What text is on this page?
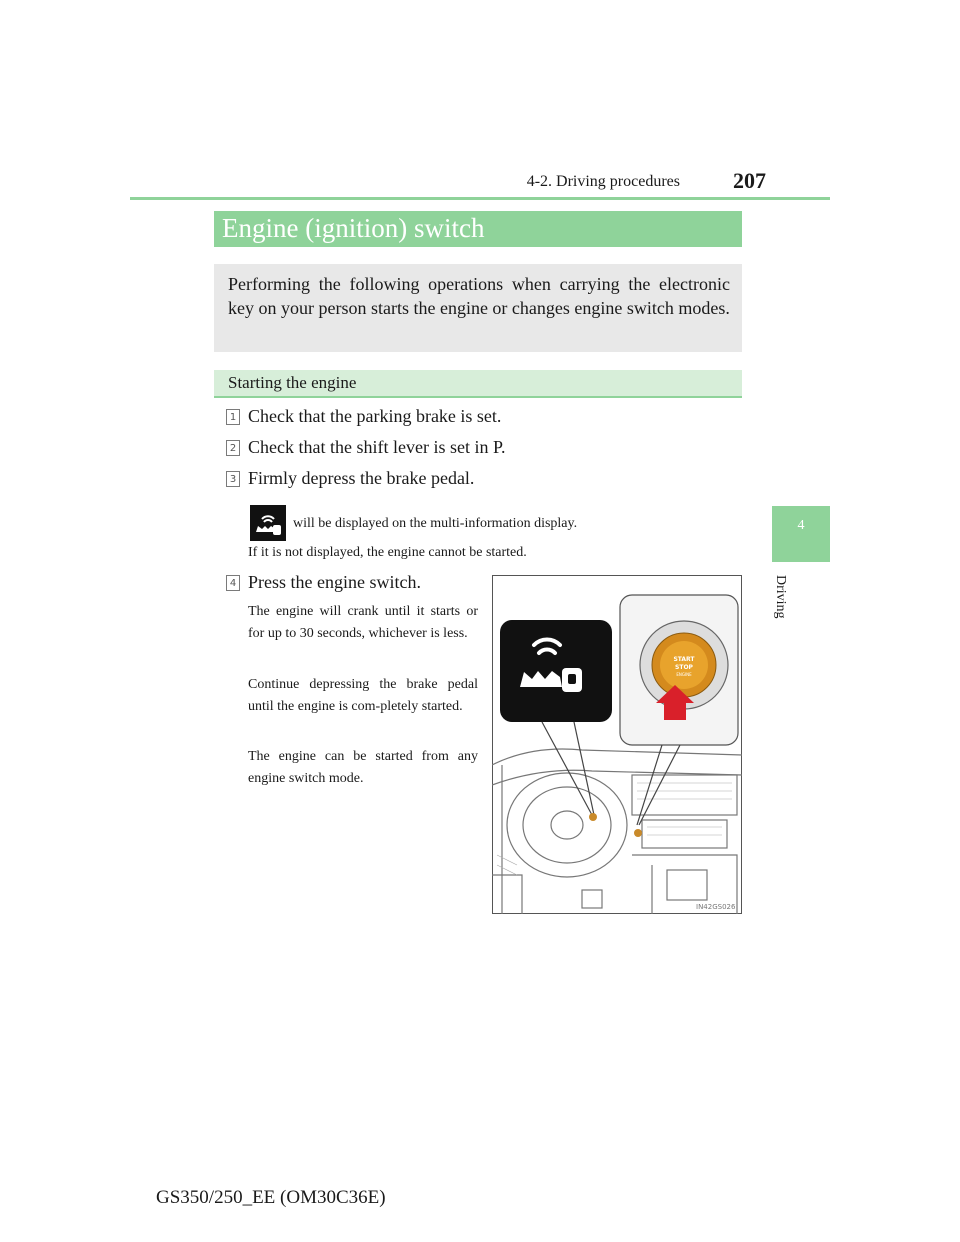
4-2. Driving procedures 207
4
Driving
Engine (ignition) switch
Performing the following operations when carrying the electronic key on your person starts the engine or changes engine switch modes.
Starting the engine
1 Check that the parking brake is set.
2 Check that the shift lever is set in P.
3 Firmly depress the brake pedal.
will be displayed on the multi-information display.
If it is not displayed, the engine cannot be started.
4 Press the engine switch.
The engine will crank until it starts or for up to 30 seconds, whichever is less.
Continue depressing the brake pedal until the engine is com-pletely started.
The engine can be started from any engine switch mode.
START
STOP
ENGINE
IN42GS026
GS350/250_EE (OM30C36E)
